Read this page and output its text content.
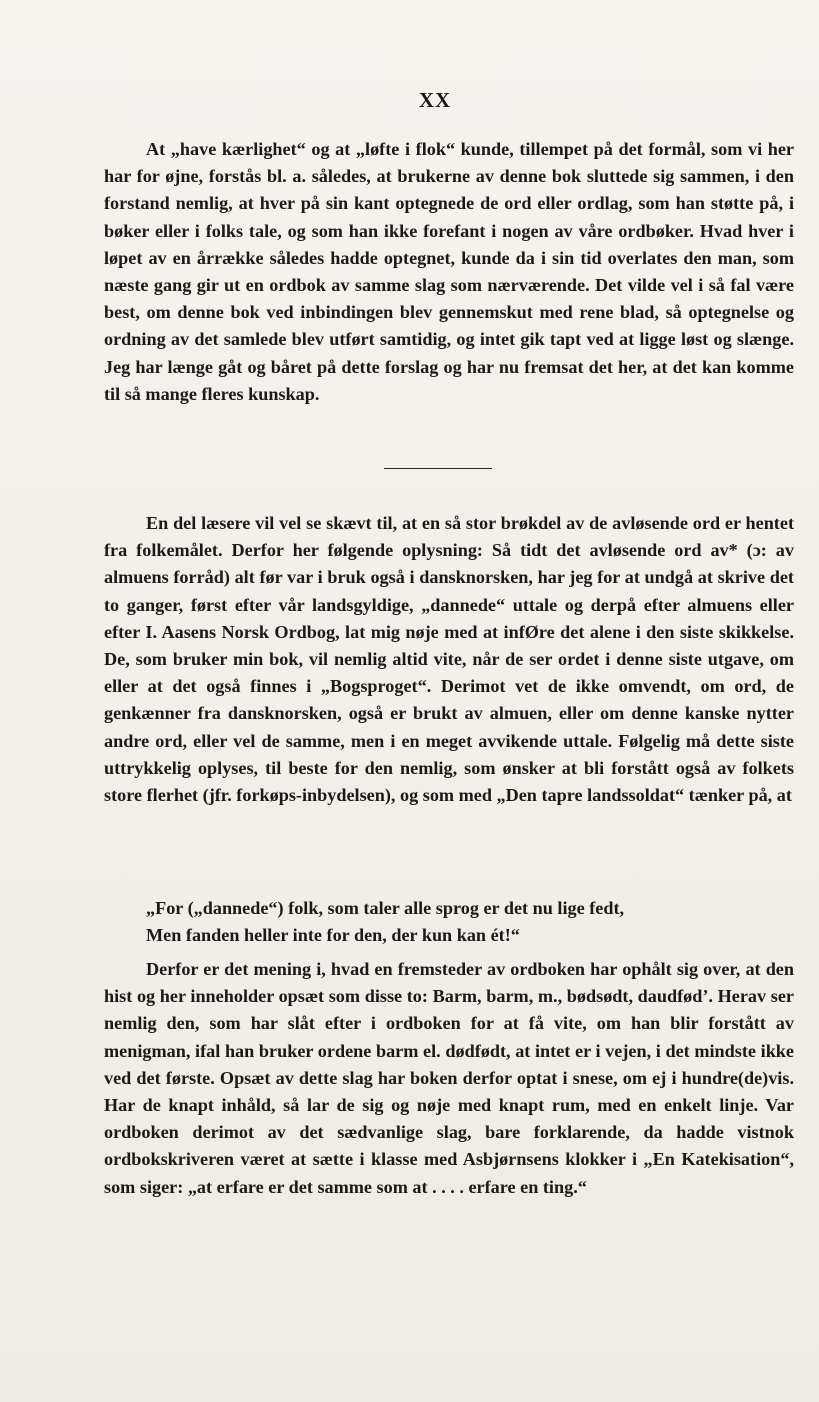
XX

At „have kærlighet“ og at „løfte i flok“ kunde, tillempet på det formål, som vi her har for øjne, forstås bl. a. således, at brukerne av denne bok sluttede sig sammen, i den forstand nemlig, at hver på sin kant optegnede de ord eller ordlag, som han støtte på, i bøker eller i folks tale, og som han ikke forefant i nogen av våre ordbøker. Hvad hver i løpet av en årrække således hadde optegnet, kunde da i sin tid overlates den man, som næste gang gir ut en ordbok av samme slag som nærværende. Det vilde vel i så fal være best, om denne bok ved inbindingen blev gennemskut med rene blad, så optegnelse og ordning av det samlede blev utført samtidig, og intet gik tapt ved at ligge løst og slænge. Jeg har længe gåt og båret på dette forslag og har nu fremsat det her, at det kan komme til så mange fleres kunskap.

En del læsere vil vel se skævt til, at en så stor brøkdel av de avløsende ord er hentet fra folkemålet. Derfor her følgende oplysning: Så tidt det avløsende ord av* (ɔ: av almuens forråd) alt før var i bruk også i dansknorsken, har jeg for at undgå at skrive det to ganger, først efter vår landsgyldige, „dannede“ uttale og derpå efter almuens eller efter I. Aasens Norsk Ordbog, lat mig nøje med at infØre det alene i den siste skikkelse. De, som bruker min bok, vil nemlig altid vite, når de ser ordet i denne siste utgave, om eller at det også finnes i „Bogsproget“. Derimot vet de ikke omvendt, om ord, de genkænner fra dansknorsken, også er brukt av almuen, eller om denne kanske nytter andre ord, eller vel de samme, men i en meget avvikende uttale. Følgelig må dette siste uttrykkelig oplyses, til beste for den nemlig, som ønsker at bli forstått også av folkets store flerhet (jfr. forkøps-inbydelsen), og som med „Den tapre landssoldat“ tænker på, at

„For („dannede“) folk, som taler alle sprog er det nu lige fedt,
Men fanden heller inte for den, der kun kan ét!“

Derfor er det mening i, hvad en fremsteder av ordboken har ophålt sig over, at den hist og her inneholder opsæt som disse to: Barm, barm, m., bødsødt, daudfød’. Herav ser nemlig den, som har slåt efter i ordboken for at få vite, om han blir forstått av menigman, ifal han bruker ordene barm el. dødfødt, at intet er i vejen, i det mindste ikke ved det første. Opsæt av dette slag har boken derfor optat i snese, om ej i hundre(de)vis. Har de knapt inhåld, så lar de sig og nøje med knapt rum, med en enkelt linje. Var ordboken derimot av det sædvanlige slag, bare forklarende, da hadde vistnok ordbokskriveren været at sætte i klasse med Asbjørnsens klokker i „En Katekisation“, som siger: „at erfare er det samme som at . . . . erfare en ting.“
